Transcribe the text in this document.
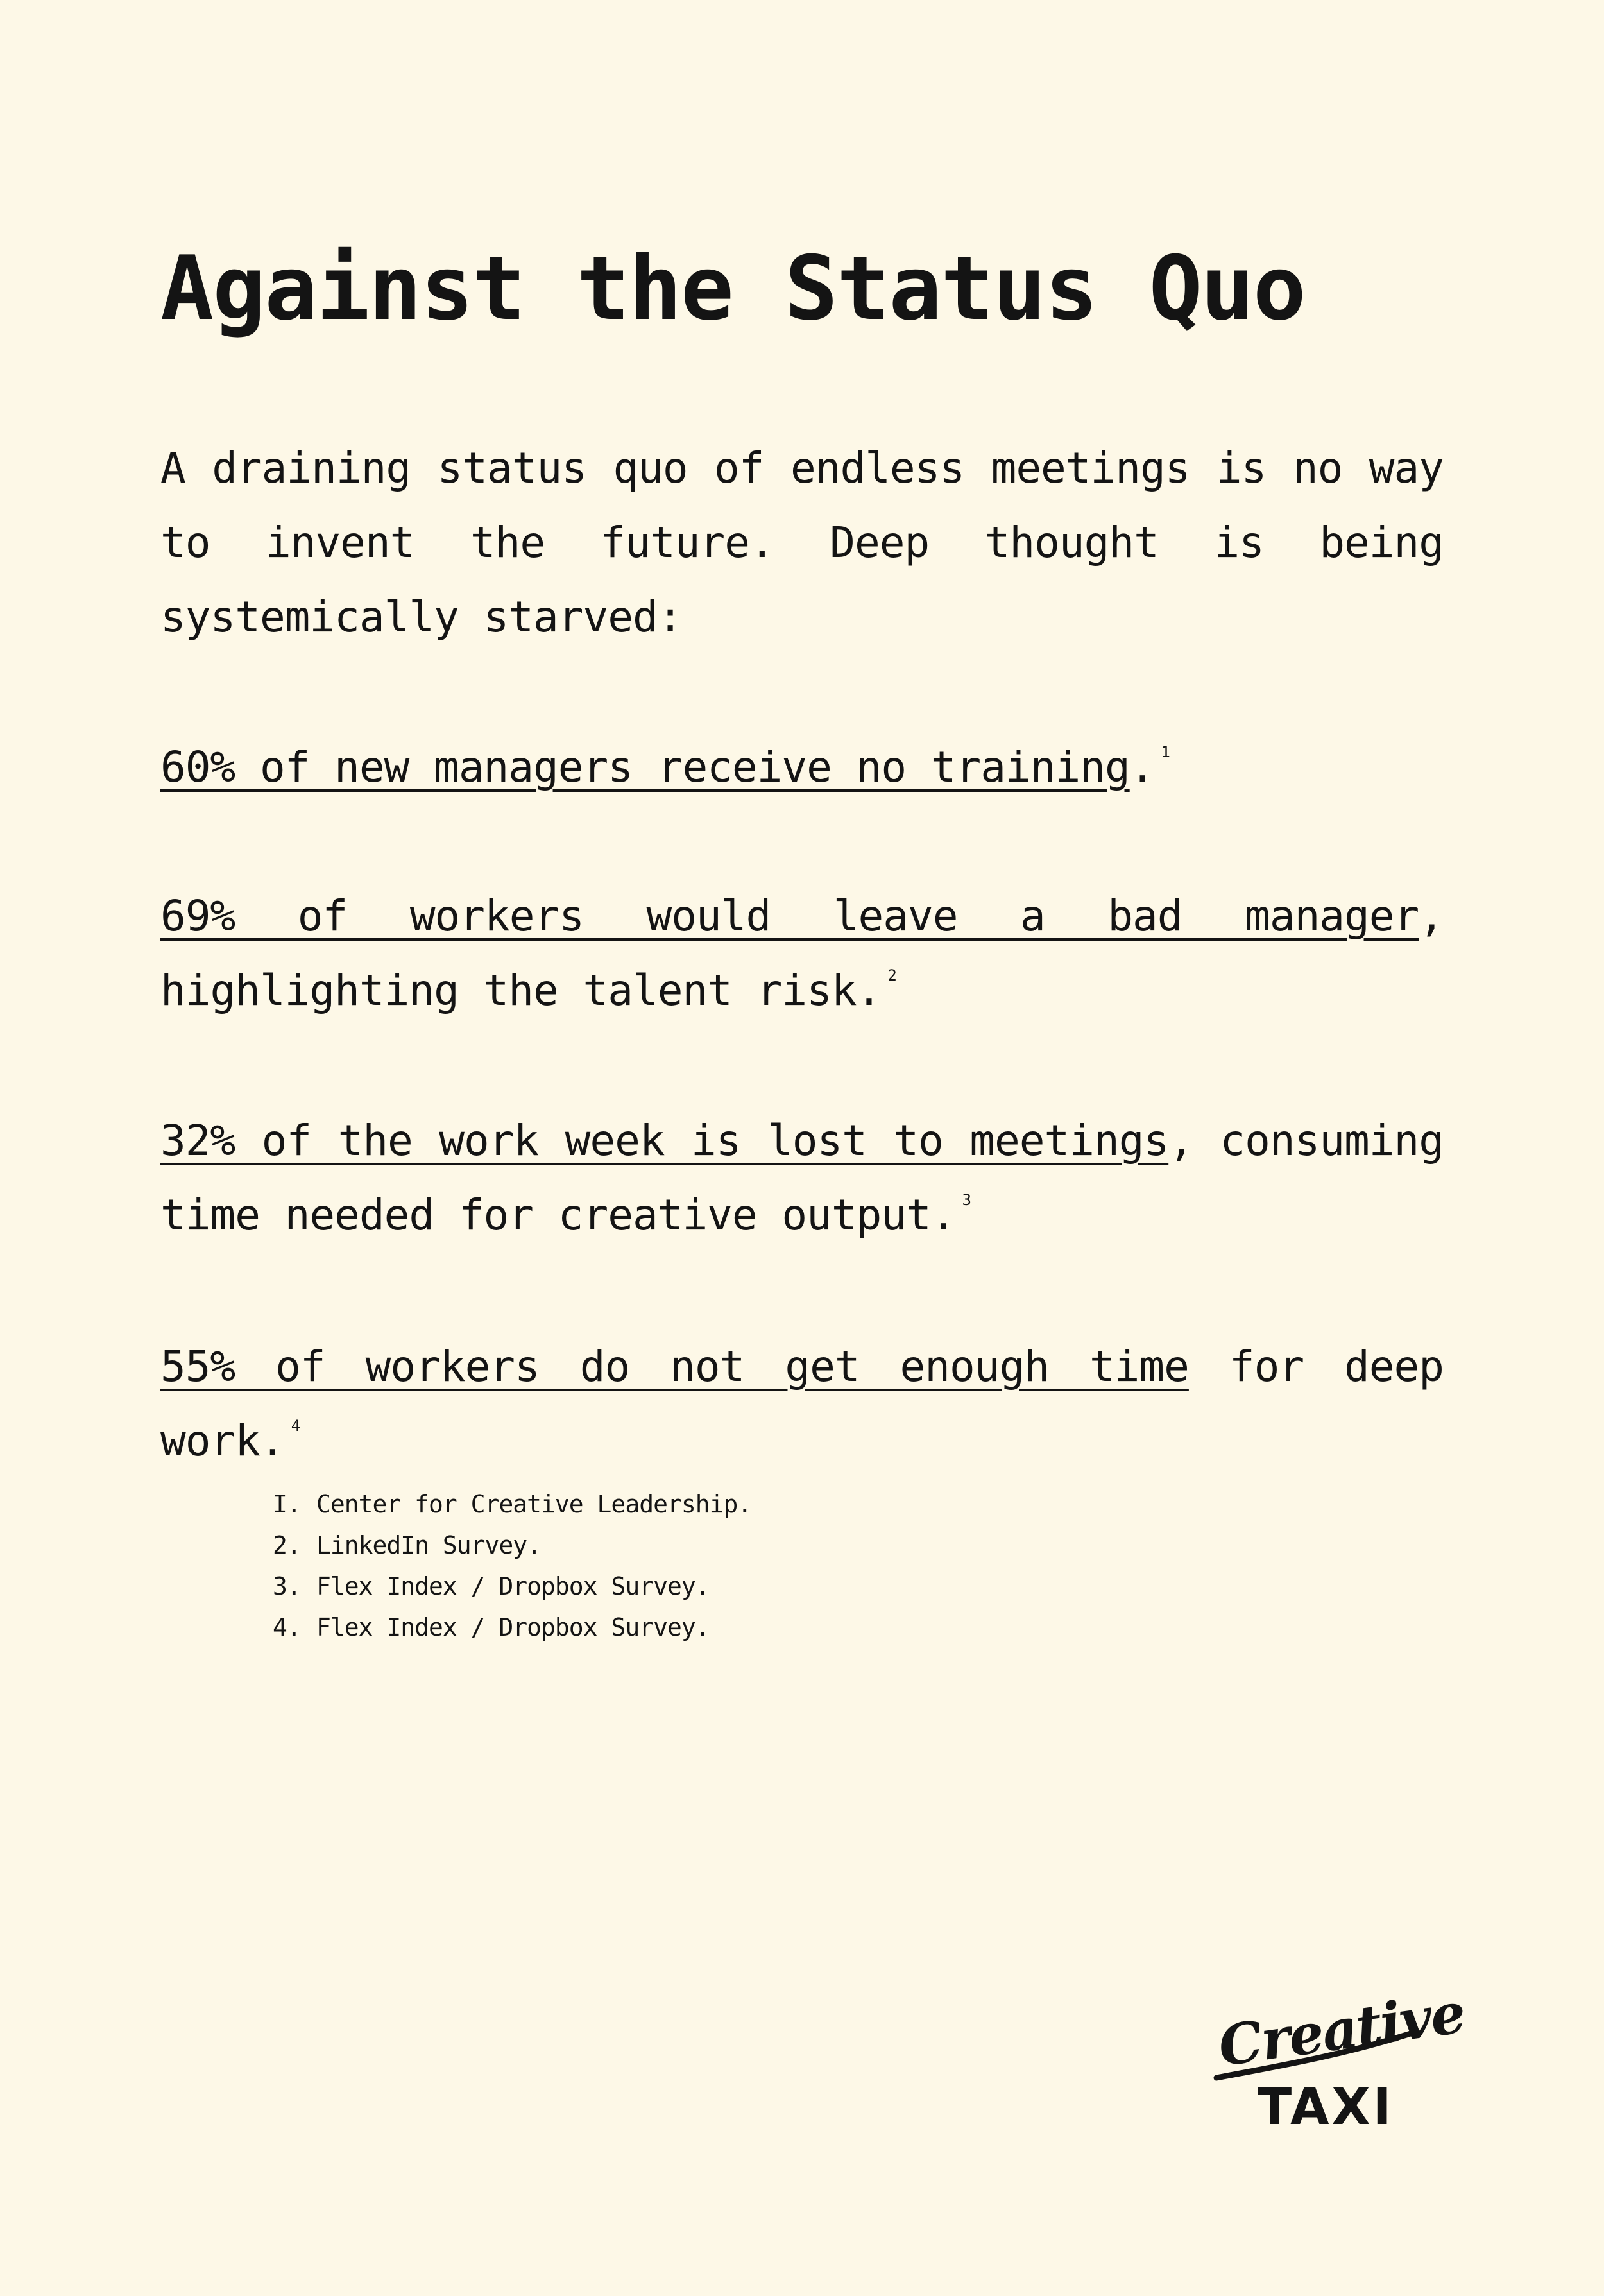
Against the Status Quo

A draining status quo of endless meetings is no way to invent the future. Deep thought is being systemically starved:

60% of new managers receive no training. $^1$

69% of workers would leave a bad manager, highlighting the talent risk. $^2$

32% of the work week is lost to meetings, consuming time needed for creative output. $^3$

55% of workers do not get enough time for deep work. $^4$

I. Center for Creative Leadership.
2. LinkedIn Survey.
3. Flex Index / Dropbox Survey.
4. Flex Index / Dropbox Survey.
Creative
TAXI
